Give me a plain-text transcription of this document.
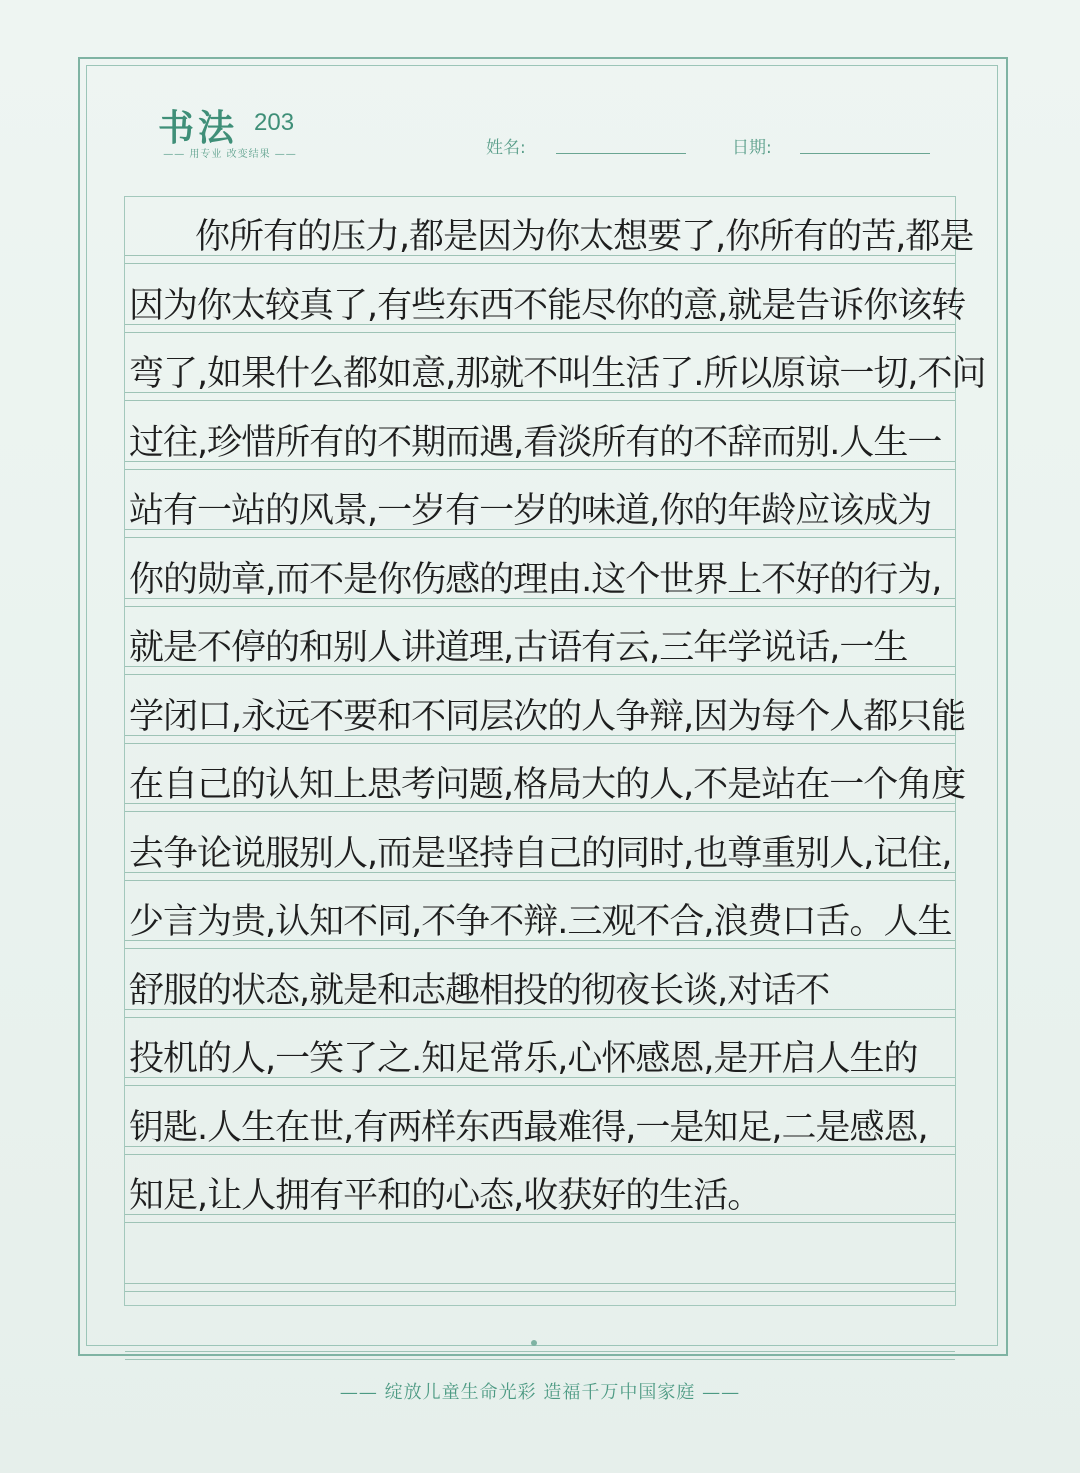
书法 203
—— 用专业 改变结果 ——	姓名:	日期:
你所有的压力,都是因为你太想要了,你所有的苦,都是
因为你太较真了,有些东西不能尽你的意,就是告诉你该转
弯了,如果什么都如意,那就不叫生活了.所以原谅一切,不问
过往,珍惜所有的不期而遇,看淡所有的不辞而别.人生一
站有一站的风景,一岁有一岁的味道,你的年龄应该成为
你的勋章,而不是你伤感的理由.这个世界上不好的行为,
就是不停的和别人讲道理,古语有云,三年学说话,一生
学闭口,永远不要和不同层次的人争辩,因为每个人都只能
在自己的认知上思考问题,格局大的人,不是站在一个角度
去争论说服别人,而是坚持自己的同时,也尊重别人,记住,
少言为贵,认知不同,不争不辩.三观不合,浪费口舌。人生
舒服的状态,就是和志趣相投的彻夜长谈,对话不
投机的人,一笑了之.知足常乐,心怀感恩,是开启人生的
钥匙.人生在世,有两样东西最难得,一是知足,二是感恩,
知足,让人拥有平和的心态,收获好的生活。
—— 绽放儿童生命光彩 造福千万中国家庭 ——
